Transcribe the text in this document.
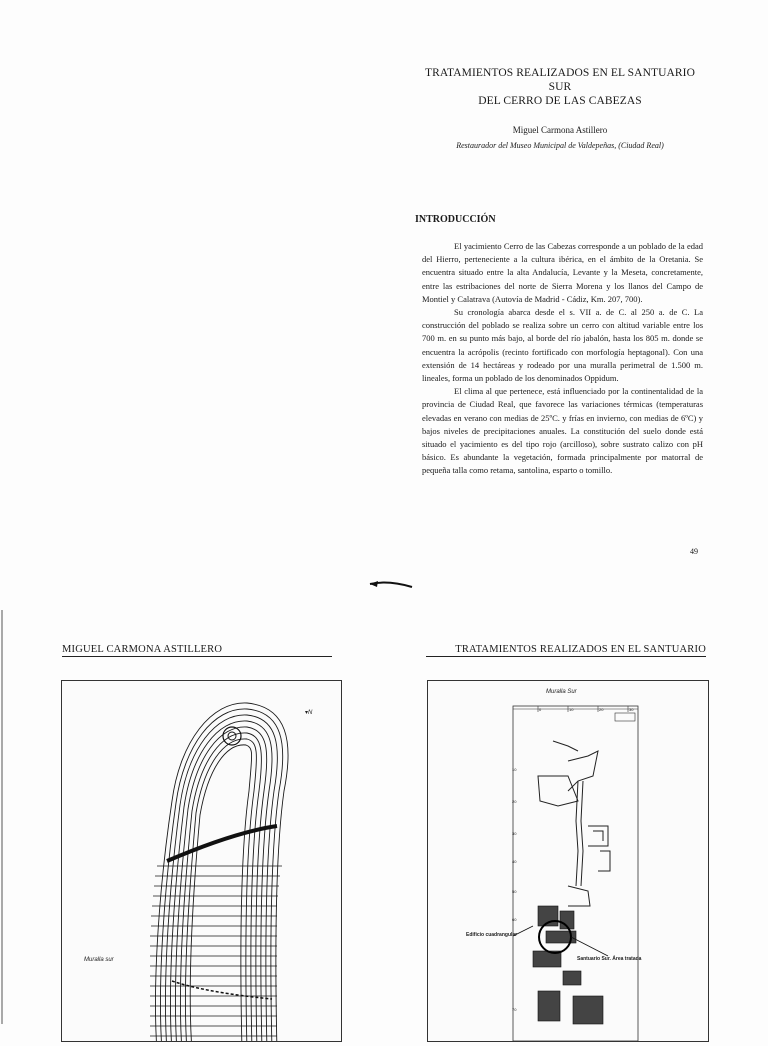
TRATAMIENTOS REALIZADOS EN EL SANTUARIO SUR
DEL CERRO DE LAS CABEZAS
Miguel Carmona Astillero
Restaurador del Museo Municipal de Valdepeñas, (Ciudad Real)
INTRODUCCIÓN

El yacimiento Cerro de las Cabezas corresponde a un poblado de la edad del Hierro, perteneciente a la cultura ibérica, en el ámbito de la Oretania. Se encuentra situado entre la alta Andalucía, Levante y la Meseta, concretamente, entre las estribaciones del norte de Sierra Morena y los llanos del Campo de Montiel y Calatrava (Autovía de Madrid - Cádiz, Km. 207, 700).

Su cronología abarca desde el s. VII a. de C. al 250 a. de C. La construcción del poblado se realiza sobre un cerro con altitud variable entre los 700 m. en su punto más bajo, al borde del río jabalón, hasta los 805 m. donde se encuentra la acrópolis (recinto fortificado con morfología heptagonal). Con una extensión de 14 hectáreas y rodeado por una muralla perimetral de 1.500 m. lineales, forma un poblado de los denominados Oppidum.

El clima al que pertenece, está influenciado por la continentalidad de la provincia de Ciudad Real, que favorece las variaciones térmicas (temperaturas elevadas en verano con medias de 25ºC. y frías en invierno, con medias de 6ºC) y bajos niveles de precipitaciones anuales. La constitución del suelo donde está situado el yacimiento es del tipo rojo (arcilloso), sobre sustrato calizo con pH básico. Es abundante la vegetación, formada principalmente por matorral de pequeña talla como retama, santolina, esparto o tomillo.

49
MIGUEL CARMONA ASTILLERO	TRATAMIENTOS REALIZADOS EN EL SANTUARIO
▾N
Muralla sur
Muralla Sur
10
20
30
40
50
60
70
0	10	20	30
Edificio cuadrangular
Santuario Sur. Área tratada
